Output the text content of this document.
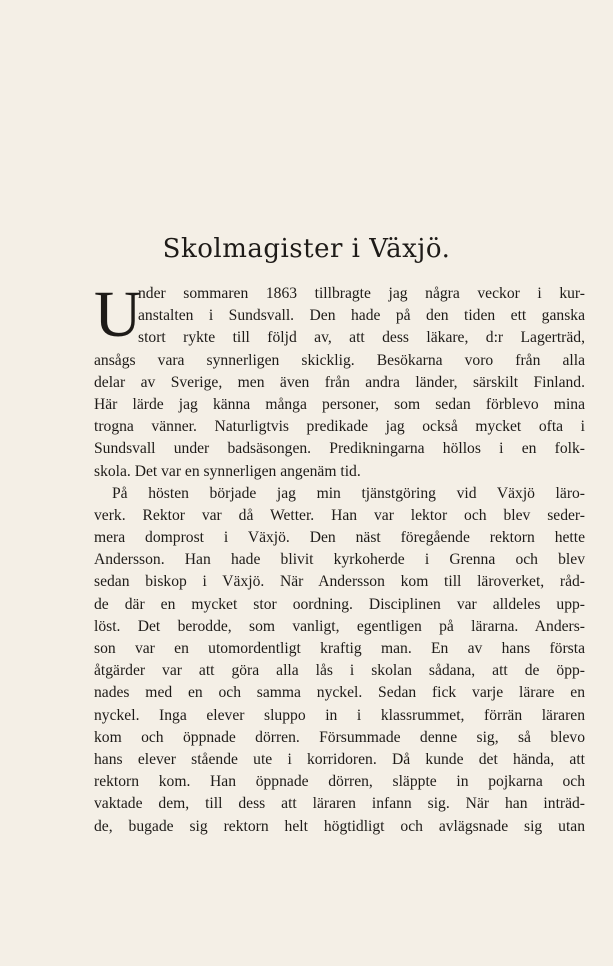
Skolmagister i Växjö.
U
nder sommaren 1863 tillbragte jag några veckor i kur-
anstalten i Sundsvall. Den hade på den tiden ett ganska
stort rykte till följd av, att dess läkare, d:r Lagerträd,
ansågs vara synnerligen skicklig. Besökarna voro från alla
delar av Sverige, men även från andra länder, särskilt Finland.
Här lärde jag känna många personer, som sedan förblevo mina
trogna vänner. Naturligtvis predikade jag också mycket ofta i
Sundsvall under badsäsongen. Predikningarna höllos i en folk-
skola. Det var en synnerligen angenäm tid.
På hösten började jag min tjänstgöring vid Växjö läro-
verk. Rektor var då Wetter. Han var lektor och blev seder-
mera domprost i Växjö. Den näst föregående rektorn hette
Andersson. Han hade blivit kyrkoherde i Grenna och blev
sedan biskop i Växjö. När Andersson kom till läroverket, råd-
de där en mycket stor oordning. Disciplinen var alldeles upp-
löst. Det berodde, som vanligt, egentligen på lärarna. Anders-
son var en utomordentligt kraftig man. En av hans första
åtgärder var att göra alla lås i skolan sådana, att de öpp-
nades med en och samma nyckel. Sedan fick varje lärare en
nyckel. Inga elever sluppo in i klassrummet, förrän läraren
kom och öppnade dörren. Försummade denne sig, så blevo
hans elever stående ute i korridoren. Då kunde det hända, att
rektorn kom. Han öppnade dörren, släppte in pojkarna och
vaktade dem, till dess att läraren infann sig. När han inträd-
de, bugade sig rektorn helt högtidligt och avlägsnade sig utan
